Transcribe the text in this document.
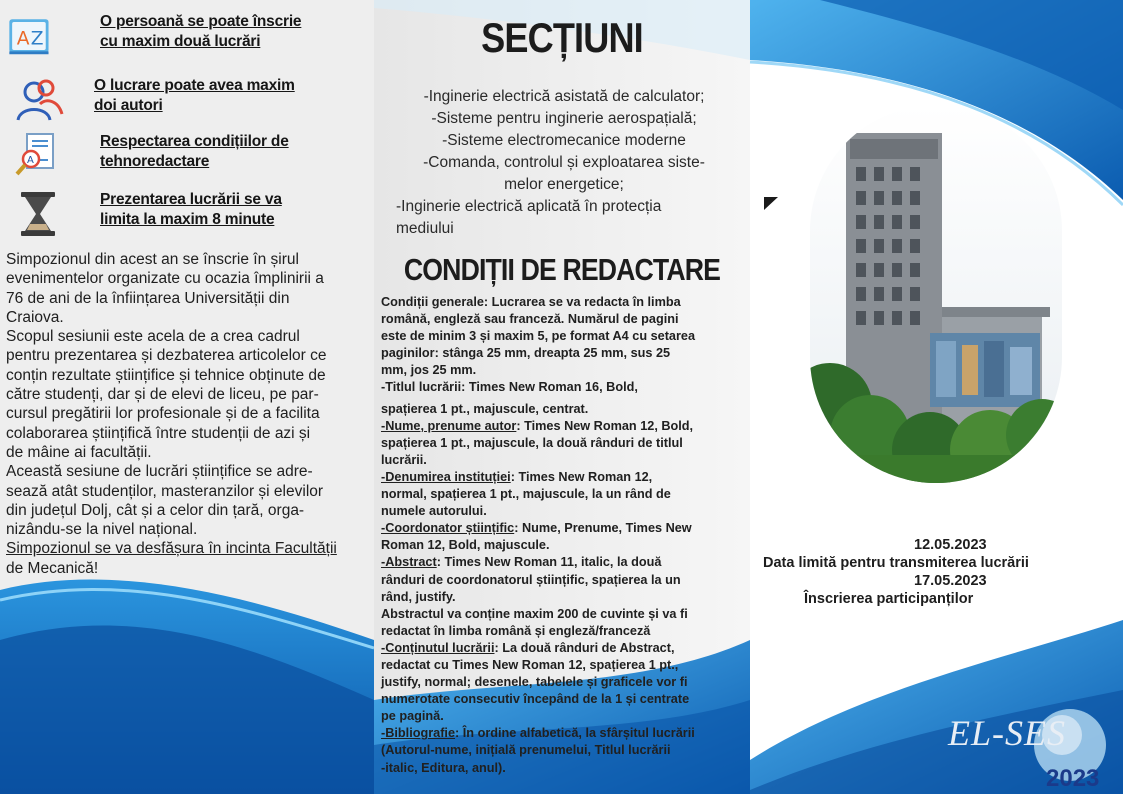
A Z
O persoană se poate înscrie
cu maxim două lucrări
O lucrare poate avea maxim
doi autori
A
Respectarea condițiilor de
tehnoredactare
Prezentarea lucrării se va
limita la maxim 8 minute

Simpozionul din acest an se înscrie în șirul
evenimentelor organizate cu ocazia împlinirii a
76 de ani de la înființarea Universității din
Craiova.

Scopul sesiunii este acela de a crea cadrul
pentru prezentarea și dezbaterea articolelor ce
conțin rezultate științifice și tehnice obținute de
către studenți, dar și de elevi de liceu, pe par-
cursul pregătirii lor profesionale și de a facilita
colaborarea științifică între studenții de azi și
de mâine ai facultății.

Această sesiune de lucrări științifice se adre-
sează atât studenților, masteranzilor și elevilor
din județul Dolj, cât și a celor din țară, orga-
nizându-se la nivel național.

Simpozionul se va desfășura în incinta Facultății
de Mecanică!

SECȚIUNI
-Inginerie electrică asistată de calculator;
-Sisteme pentru inginerie aerospațială;
-Sisteme electromecanice moderne
-Comanda, controlul și exploatarea siste-
melor energetice;
-Inginerie electrică aplicată în protecția
mediului
CONDIȚII DE REDACTARE

Condiții generale: Lucrarea se va redacta în limba
română, engleză sau franceză. Numărul de pagini
este de minim 3 și maxim 5, pe format A4 cu setarea
paginilor: stânga 25 mm, dreapta 25 mm, sus 25
mm, jos 25 mm.

-Titlul lucrării: Times New Roman 16, Bold,

spațierea 1 pt., majuscule, centrat.

-Nume, prenume autor: Times New Roman 12, Bold,
spațierea 1 pt., majuscule, la două rânduri de titlul
lucrării.

-Denumirea instituției: Times New Roman 12,
normal, spațierea 1 pt., majuscule, la un rând de
numele autorului.

-Coordonator științific: Nume, Prenume, Times New
Roman 12, Bold, majuscule.

-Abstract: Times New Roman 11, italic, la două
rânduri de coordonatorul științific, spațierea la un
rând, justify.
Abstractul va conține maxim 200 de cuvinte și va fi
redactat în limba română și engleză/franceză

-Conținutul lucrării: La două rânduri de Abstract,
redactat cu Times New Roman 12, spațierea 1 pt.,
justify, normal; desenele, tabelele și graficele vor fi
numerotate consecutiv începând de la 1 și centrate
pe pagină.

-Bibliografie: În ordine alfabetică, la sfârșitul lucrării
(Autorul-nume, inițială prenumelui, Titlul lucrării
-italic, Editura, anul).

12.05.2023
Data limită pentru transmiterea lucrării
17.05.2023
Înscrierea participanților
EL-SES
2023
